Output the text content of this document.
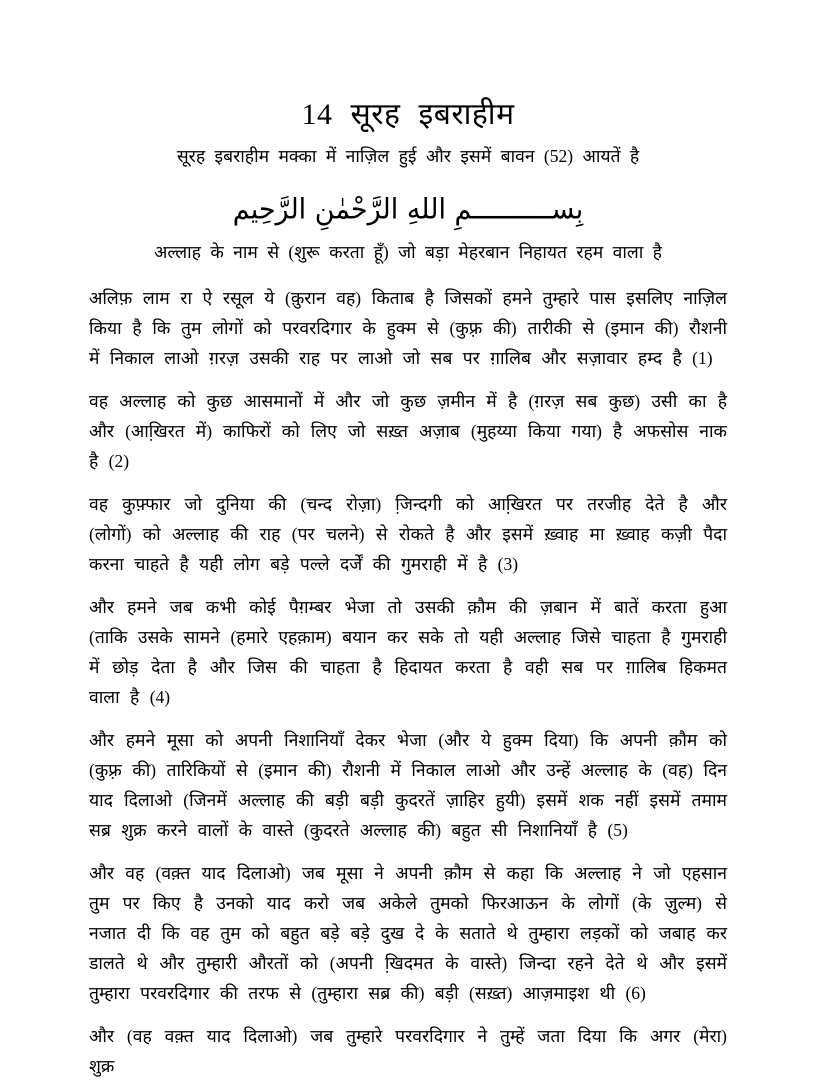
14 सूरह इबराहीम
सूरह इबराहीम मक्का में नाज़िल हुई और इसमें बावन (52) आयतें है
بِســــــــــمِ اللهِ الرَّحْمٰنِ الرَّحِيم
अल्लाह के नाम से (शुरू करता हूँ) जो बड़ा मेहरबान निहायत रहम वाला है

अलिफ़ लाम रा ऐ रसूल ये (क़ुरान वह) किताब है जिसकों हमने तुम्हारे पास इसलिए नाज़िल किया है कि तुम लोगों को परवरदिगार के हुक्म से (कुफ़्र की) तारीकी से (इमान की) रौशनी में निकाल लाओ ग़रज़ उसकी राह पर लाओ जो सब पर ग़ालिब और सज़ावार हम्द है (1)

वह अल्लाह को कुछ आसमानों में और जो कुछ ज़मीन में है (ग़रज़ सब कुछ) उसी का है और (आखि़रत में) काफिरों को लिए जो सख़्त अज़ाब (मुहय्या किया गया) है अफसोस नाक है (2)

वह कुफ़्फार जो दुनिया की (चन्द रोज़ा) जि़न्दगी को आखि़रत पर तरजीह देते है और (लोगों) को अल्लाह की राह (पर चलने) से रोकते है और इसमें ख़्वाह मा ख़्वाह कज़ी पैदा करना चाहते है यही लोग बड़े पल्ले दर्जें की गुमराही में है (3)

और हमने जब कभी कोई पैग़म्बर भेजा तो उसकी क़ौम की ज़बान में बातें करता हुआ (ताकि उसके सामने (हमारे एहक़ाम) बयान कर सके तो यही अल्लाह जिसे चाहता है गुमराही में छोड़ देता है और जिस की चाहता है हिदायत करता है वही सब पर ग़ालिब हिकमत वाला है (4)

और हमने मूसा को अपनी निशानियाँ देकर भेजा (और ये हुक्म दिया) कि अपनी क़ौम को (कुफ़्र की) तारिकियों से (इमान की) रौशनी में निकाल लाओ और उन्हें अल्लाह के (वह) दिन याद दिलाओ (जिनमें अल्लाह की बड़ी बड़ी कुदरतें ज़ाहिर हुयी) इसमें शक नहीं इसमें तमाम सब्र शुक्र करने वालों के वास्ते (कुदरते अल्लाह की) बहुत सी निशानियाँ है (5)

और वह (वक़्त याद दिलाओ) जब मूसा ने अपनी क़ौम से कहा कि अल्लाह ने जो एहसान तुम पर किए है उनको याद करो जब अकेले तुमको फिरआऊन के लोगों (के जु़ल्म) से नजात दी कि वह तुम को बहुत बड़े बड़े दुख दे के सताते थे तुम्हारा लड़कों को जबाह कर डालते थे और तुम्हारी औरतों को (अपनी खि़दमत के वास्ते) जिन्दा रहने देते थे और इसमें तुम्हारा परवरदिगार की तरफ से (तुम्हारा सब्र की) बड़ी (सख़्त) आज़माइश थी (6)

और (वह वक़्त याद दिलाओ) जब तुम्हारे परवरदिगार ने तुम्हें जता दिया कि अगर (मेरा) शुक्र
